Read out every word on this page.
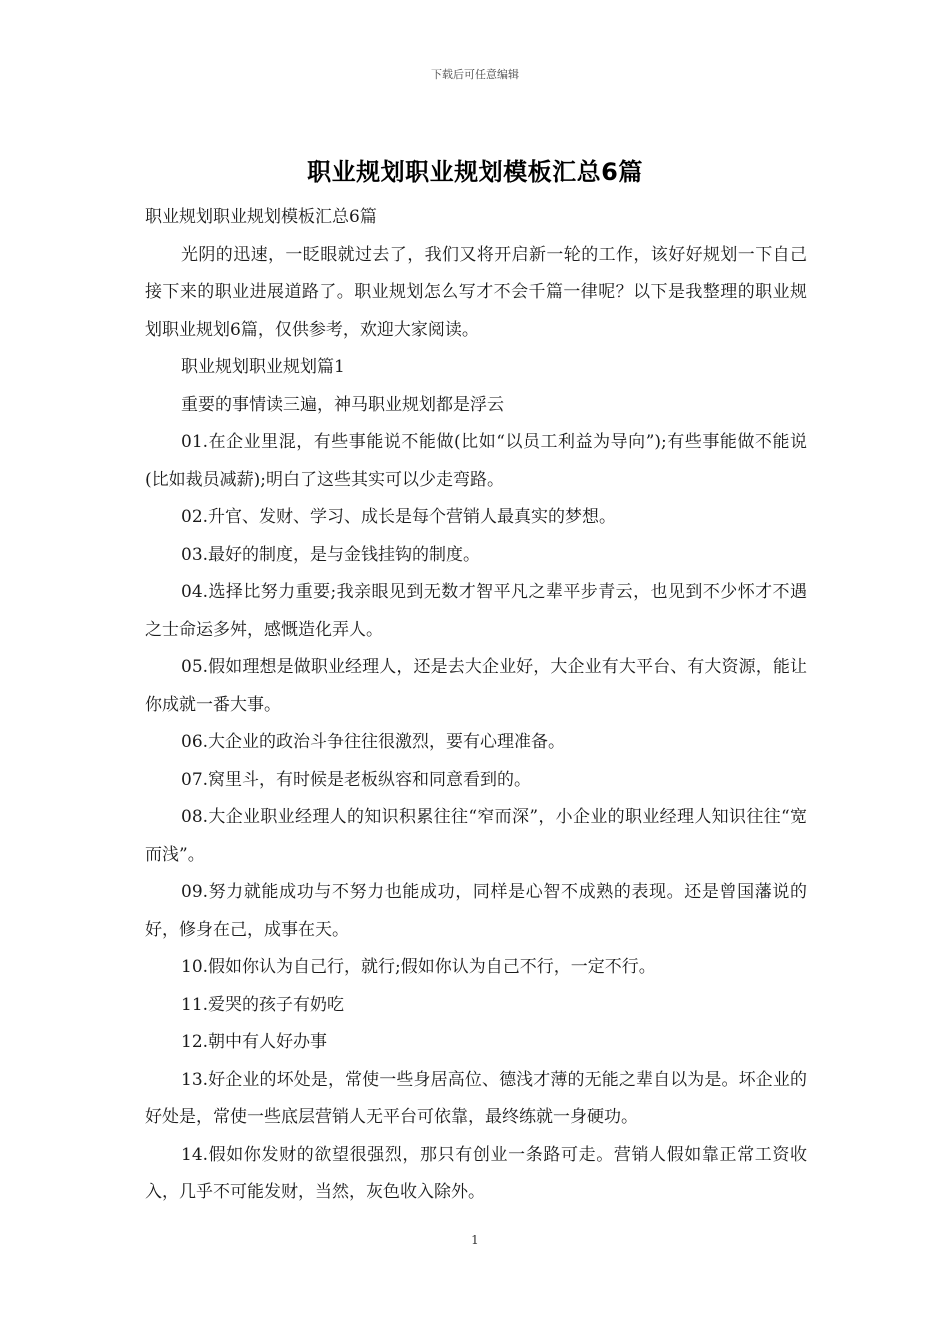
下载后可任意编辑
职业规划职业规划模板汇总6篇

职业规划职业规划模板汇总6篇

光阴的迅速，一眨眼就过去了，我们又将开启新一轮的工作，该好好规划一下自己接下来的职业进展道路了。职业规划怎么写才不会千篇一律呢？以下是我整理的职业规划职业规划6篇，仅供参考，欢迎大家阅读。

职业规划职业规划篇1

重要的事情读三遍，神马职业规划都是浮云

01.在企业里混，有些事能说不能做(比如“以员工利益为导向”);有些事能做不能说(比如裁员减薪);明白了这些其实可以少走弯路。

02.升官、发财、学习、成长是每个营销人最真实的梦想。

03.最好的制度，是与金钱挂钩的制度。

04.选择比努力重要;我亲眼见到无数才智平凡之辈平步青云，也见到不少怀才不遇之士命运多舛，感慨造化弄人。

05.假如理想是做职业经理人，还是去大企业好，大企业有大平台、有大资源，能让你成就一番大事。

06.大企业的政治斗争往往很激烈，要有心理准备。

07.窝里斗，有时候是老板纵容和同意看到的。

08.大企业职业经理人的知识积累往往“窄而深”，小企业的职业经理人知识往往“宽而浅”。

09.努力就能成功与不努力也能成功，同样是心智不成熟的表现。还是曾国藩说的好，修身在己，成事在天。

10.假如你认为自己行，就行;假如你认为自己不行，一定不行。

11.爱哭的孩子有奶吃

12.朝中有人好办事

13.好企业的坏处是，常使一些身居高位、德浅才薄的无能之辈自以为是。坏企业的好处是，常使一些底层营销人无平台可依靠，最终练就一身硬功。

14.假如你发财的欲望很强烈，那只有创业一条路可走。营销人假如靠正常工资收入，几乎不可能发财，当然，灰色收入除外。

1
